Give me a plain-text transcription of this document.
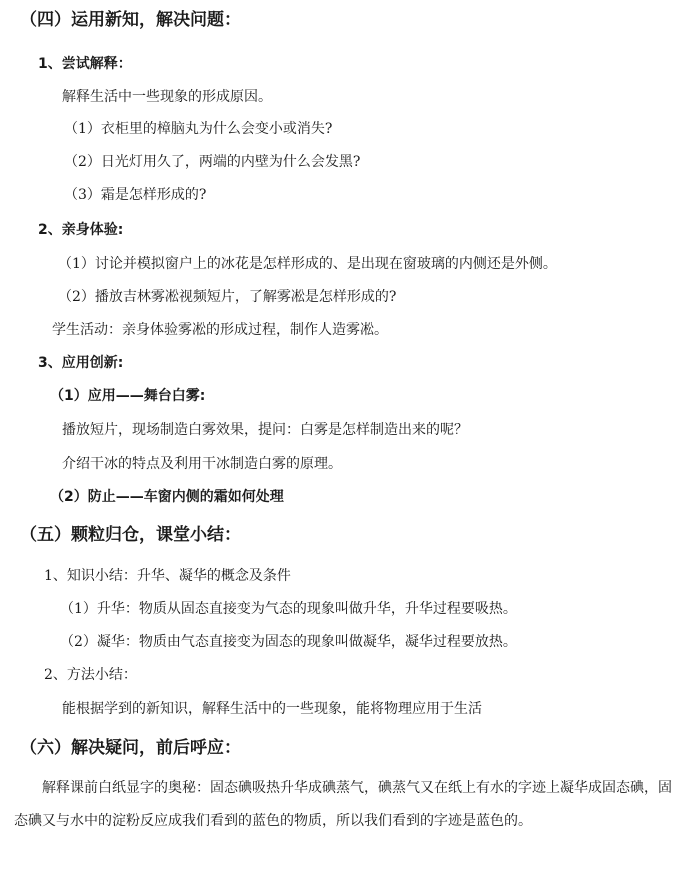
（四）运用新知，解决问题：
1、尝试解释：
解释生活中一些现象的形成原因。
（1）衣柜里的樟脑丸为什么会变小或消失?
（2）日光灯用久了，两端的内壁为什么会发黑?
（3）霜是怎样形成的?
2、亲身体验:
（1）讨论并模拟窗户上的冰花是怎样形成的、是出现在窗玻璃的内侧还是外侧。
（2）播放吉林雾凇视频短片，了解雾凇是怎样形成的?
学生活动：亲身体验雾凇的形成过程，制作人造雾凇。
3、应用创新:
（1）应用——舞台白雾:
播放短片，现场制造白雾效果，提问：白雾是怎样制造出来的呢？
介绍干冰的特点及利用干冰制造白雾的原理。
（2）防止——车窗内侧的霜如何处理
（五）颗粒归仓，课堂小结：
1、知识小结：升华、凝华的概念及条件
（1）升华：物质从固态直接变为气态的现象叫做升华，升华过程要吸热。
（2）凝华：物质由气态直接变为固态的现象叫做凝华，凝华过程要放热。
2、方法小结：
能根据学到的新知识，解释生活中的一些现象，能将物理应用于生活
（六）解决疑问，前后呼应：
解释课前白纸显字的奥秘：固态碘吸热升华成碘蒸气，碘蒸气又在纸上有水的字迹上凝华成固态碘，固态碘又与水中的淀粉反应成我们看到的蓝色的物质，所以我们看到的字迹是蓝色的。
